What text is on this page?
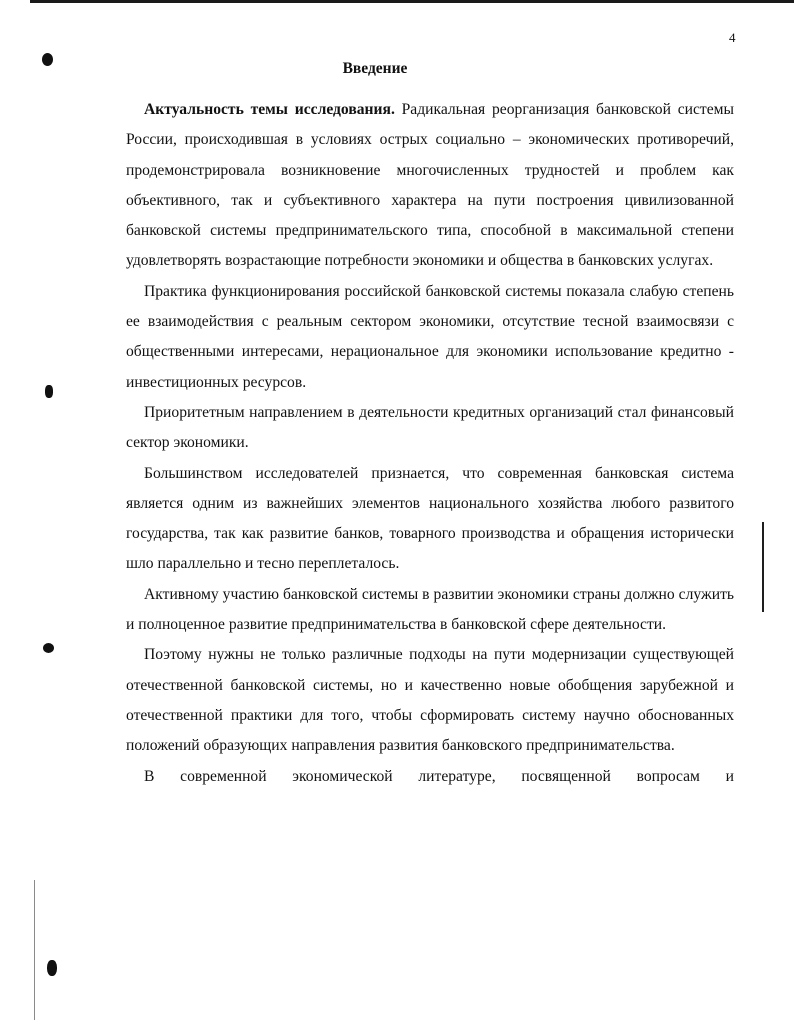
4
Введение

Актуальность темы исследования. Радикальная реорганизация банковской системы России, происходившая в условиях острых социально – экономических противоречий, продемонстрировала возникновение многочисленных трудностей и проблем как объективного, так и субъективного характера на пути построения цивилизованной банковской системы предпринимательского типа, способной в максимальной степени удовлетворять возрастающие потребности экономики и общества в банковских услугах.

Практика функционирования российской банковской системы показала слабую степень ее взаимодействия с реальным сектором экономики, отсутствие тесной взаимосвязи с общественными интересами, нерациональное для экономики использование кредитно - инвестиционных ресурсов.

Приоритетным направлением в деятельности кредитных организаций стал финансовый сектор экономики.

Большинством исследователей признается, что современная банковская система является одним из важнейших элементов национального хозяйства любого развитого государства, так как развитие банков, товарного производства и обращения исторически шло параллельно и тесно переплеталось.

Активному участию банковской системы в развитии экономики страны должно служить и полноценное развитие предпринимательства в банковской сфере деятельности.

Поэтому нужны не только различные подходы на пути модернизации существующей отечественной банковской системы, но и качественно новые обобщения зарубежной и отечественной практики для того, чтобы сформировать систему научно обоснованных положений образующих направления развития банковского предпринимательства.

В современной экономической литературе, посвященной вопросам и
